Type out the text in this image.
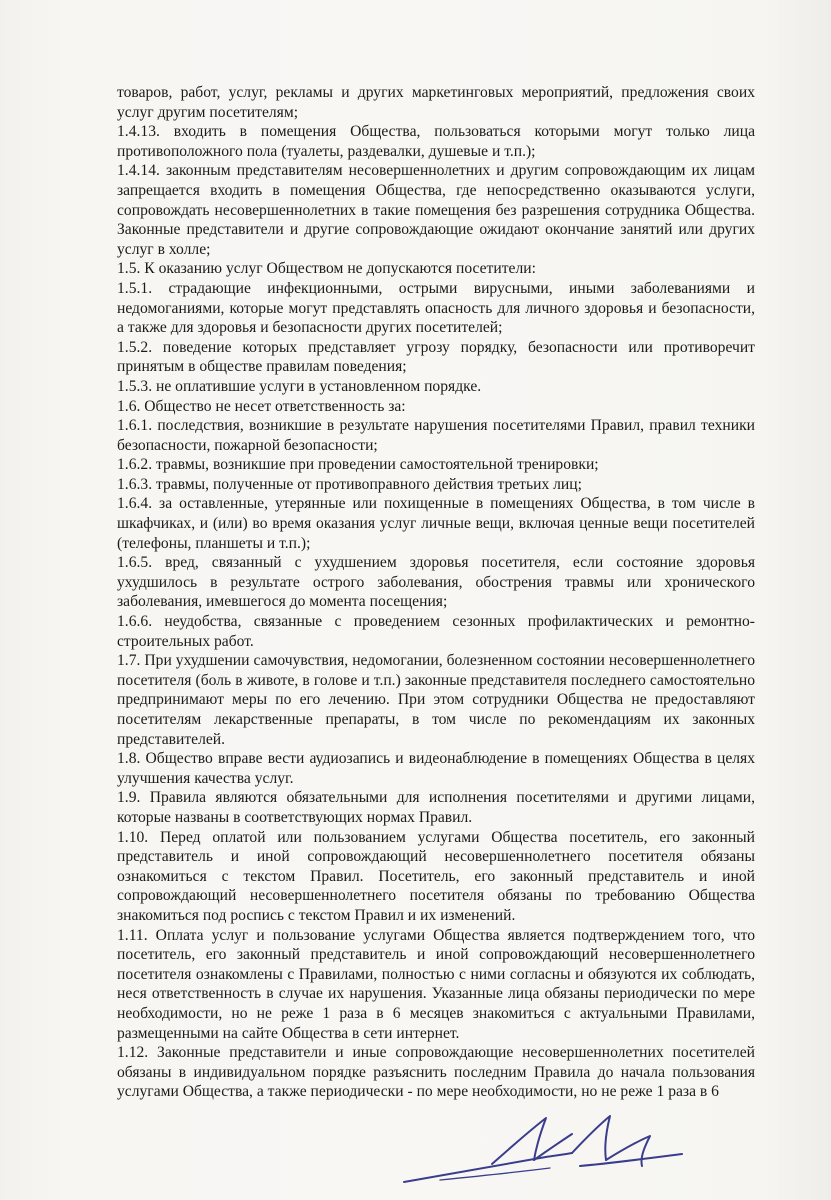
товаров, работ, услуг, рекламы и других маркетинговых мероприятий, предложения своих услуг другим посетителям;

1.4.13. входить в помещения Общества, пользоваться которыми могут только лица противоположного пола (туалеты, раздевалки, душевые и т.п.);

1.4.14. законным представителям несовершеннолетних и другим сопровождающим их лицам запрещается входить в помещения Общества, где непосредственно оказываются услуги, сопровождать несовершеннолетних в такие помещения без разрешения сотрудника Общества. Законные представители и другие сопровождающие ожидают окончание занятий или других услуг в холле;

1.5. К оказанию услуг Обществом не допускаются посетители:

1.5.1. страдающие инфекционными, острыми вирусными, иными заболеваниями и недомоганиями, которые могут представлять опасность для личного здоровья и безопасности, а также для здоровья и безопасности других посетителей;

1.5.2. поведение которых представляет угрозу порядку, безопасности или противоречит принятым в обществе правилам поведения;

1.5.3. не оплатившие услуги в установленном порядке.

1.6. Общество не несет ответственность за:

1.6.1. последствия, возникшие в результате нарушения посетителями Правил, правил техники безопасности, пожарной безопасности;

1.6.2. травмы, возникшие при проведении самостоятельной тренировки;

1.6.3. травмы, полученные от противоправного действия третьих лиц;

1.6.4. за оставленные, утерянные или похищенные в помещениях Общества, в том числе в шкафчиках, и (или) во время оказания услуг личные вещи, включая ценные вещи посетителей (телефоны, планшеты и т.п.);

1.6.5. вред, связанный с ухудшением здоровья посетителя, если состояние здоровья ухудшилось в результате острого заболевания, обострения травмы или хронического заболевания, имевшегося до момента посещения;

1.6.6. неудобства, связанные с проведением сезонных профилактических и ремонтно-строительных работ.

1.7. При ухудшении самочувствия, недомогании, болезненном состоянии несовершеннолетнего посетителя (боль в животе, в голове и т.п.) законные представителя последнего самостоятельно предпринимают меры по его лечению. При этом сотрудники Общества не предоставляют посетителям лекарственные препараты, в том числе по рекомендациям их законных представителей.

1.8. Общество вправе вести аудиозапись и видеонаблюдение в помещениях Общества в целях улучшения качества услуг.

1.9. Правила являются обязательными для исполнения посетителями и другими лицами, которые названы в соответствующих нормах Правил.

1.10. Перед оплатой или пользованием услугами Общества посетитель, его законный представитель и иной сопровождающий несовершеннолетнего посетителя обязаны ознакомиться с текстом Правил. Посетитель, его законный представитель и иной сопровождающий несовершеннолетнего посетителя обязаны по требованию Общества знакомиться под роспись с текстом Правил и их изменений.

1.11. Оплата услуг и пользование услугами Общества является подтверждением того, что посетитель, его законный представитель и иной сопровождающий несовершеннолетнего посетителя ознакомлены с Правилами, полностью с ними согласны и обязуются их соблюдать, неся ответственность в случае их нарушения. Указанные лица обязаны периодически по мере необходимости, но не реже 1 раза в 6 месяцев знакомиться с актуальными Правилами, размещенными на сайте Общества в сети интернет.

1.12. Законные представители и иные сопровождающие несовершеннолетних посетителей обязаны в индивидуальном порядке разъяснить последним Правила до начала пользования услугами Общества, а также периодически - по мере необходимости, но не реже 1 раза в 6
